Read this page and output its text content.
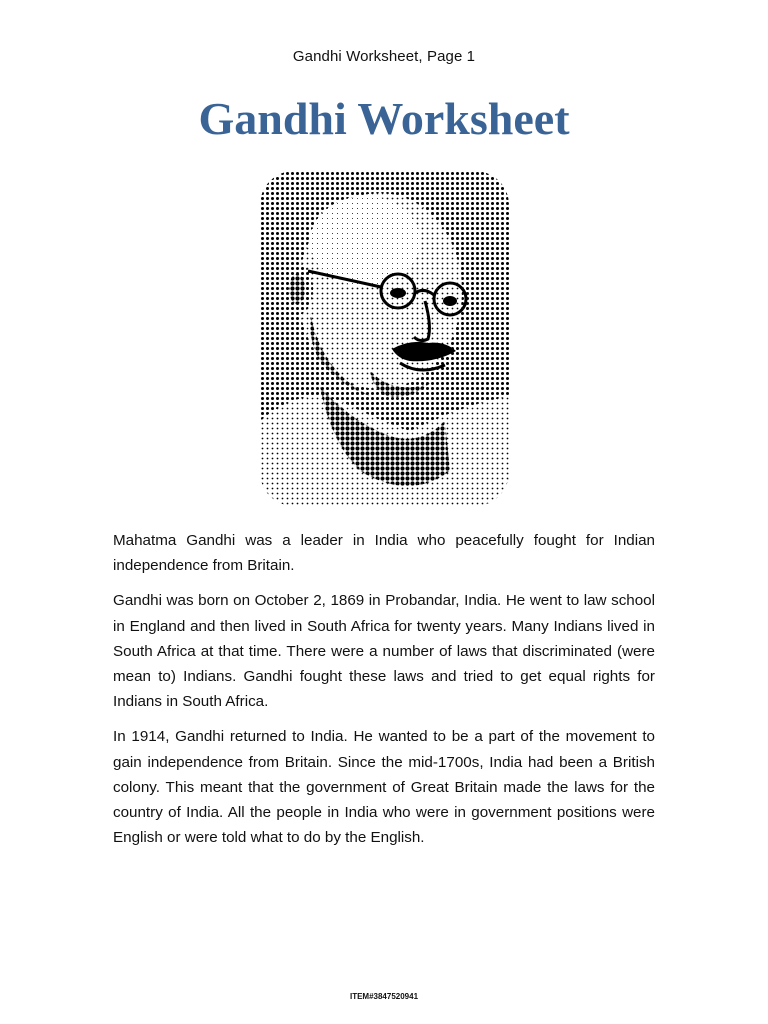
Gandhi Worksheet, Page 1
Gandhi Worksheet

Mahatma Gandhi was a leader in India who peacefully fought for Indian independence from Britain.

Gandhi was born on October 2, 1869 in Probandar, India. He went to law school in England and then lived in South Africa for twenty years. Many Indians lived in South Africa at that time. There were a number of laws that discriminated (were mean to) Indians. Gandhi fought these laws and tried to get equal rights for Indians in South Africa.

In 1914, Gandhi returned to India. He wanted to be a part of the movement to gain independence from Britain. Since the mid-1700s, India had been a British colony. This meant that the government of Great Britain made the laws for the country of India. All the people in India who were in government positions were English or were told what to do by the English.

ITEM#3847520941
